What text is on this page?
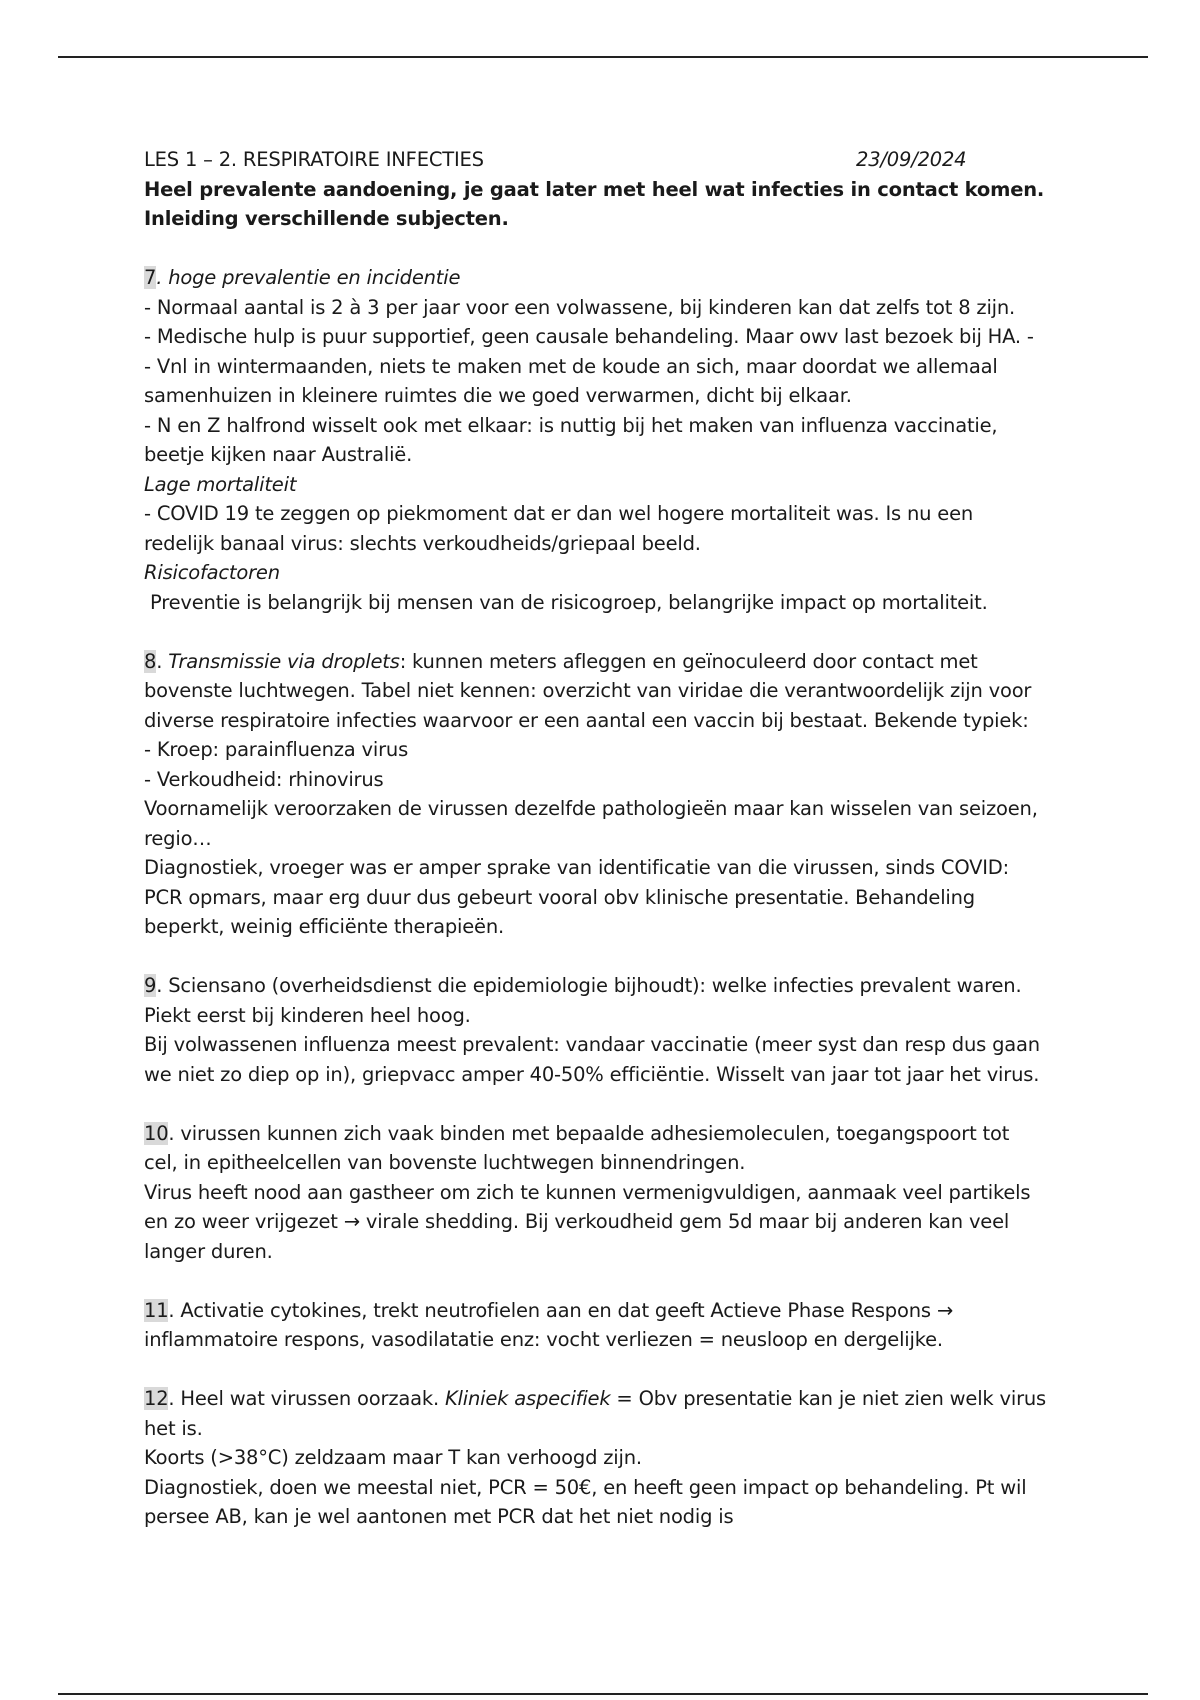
LES 1 – 2. RESPIRATOIRE INFECTIES	23/09/2024
Heel prevalente aandoening, je gaat later met heel wat infecties in contact komen.
Inleiding verschillende subjecten.
7. hoge prevalentie en incidentie
- Normaal aantal is 2 à 3 per jaar voor een volwassene, bij kinderen kan dat zelfs tot 8 zijn.
- Medische hulp is puur supportief, geen causale behandeling. Maar owv last bezoek bij HA. -
- Vnl in wintermaanden, niets te maken met de koude an sich, maar doordat we allemaal
samenhuizen in kleinere ruimtes die we goed verwarmen, dicht bij elkaar.
- N en Z halfrond wisselt ook met elkaar: is nuttig bij het maken van influenza vaccinatie,
beetje kijken naar Australië.
Lage mortaliteit
- COVID 19 te zeggen op piekmoment dat er dan wel hogere mortaliteit was. Is nu een
redelijk banaal virus: slechts verkoudheids/griepaal beeld.
Risicofactoren
Preventie is belangrijk bij mensen van de risicogroep, belangrijke impact op mortaliteit.
8. Transmissie via droplets: kunnen meters afleggen en geïnoculeerd door contact met
bovenste luchtwegen. Tabel niet kennen: overzicht van viridae die verantwoordelijk zijn voor
diverse respiratoire infecties waarvoor er een aantal een vaccin bij bestaat. Bekende typiek:
- Kroep: parainfluenza virus
- Verkoudheid: rhinovirus
Voornamelijk veroorzaken de virussen dezelfde pathologieën maar kan wisselen van seizoen,
regio…
Diagnostiek, vroeger was er amper sprake van identificatie van die virussen, sinds COVID:
PCR opmars, maar erg duur dus gebeurt vooral obv klinische presentatie. Behandeling
beperkt, weinig efficiënte therapieën.
9. Sciensano (overheidsdienst die epidemiologie bijhoudt): welke infecties prevalent waren.
Piekt eerst bij kinderen heel hoog.
Bij volwassenen influenza meest prevalent: vandaar vaccinatie (meer syst dan resp dus gaan
we niet zo diep op in), griepvacc amper 40-50% efficiëntie. Wisselt van jaar tot jaar het virus.
10. virussen kunnen zich vaak binden met bepaalde adhesiemoleculen, toegangspoort tot
cel, in epitheelcellen van bovenste luchtwegen binnendringen.
Virus heeft nood aan gastheer om zich te kunnen vermenigvuldigen, aanmaak veel partikels
en zo weer vrijgezet → virale shedding. Bij verkoudheid gem 5d maar bij anderen kan veel
langer duren.
11. Activatie cytokines, trekt neutrofielen aan en dat geeft Actieve Phase Respons →
inflammatoire respons, vasodilatatie enz: vocht verliezen = neusloop en dergelijke.
12. Heel wat virussen oorzaak. Kliniek aspecifiek = Obv presentatie kan je niet zien welk virus
het is.
Koorts (>38°C) zeldzaam maar T kan verhoogd zijn.
Diagnostiek, doen we meestal niet, PCR = 50€, en heeft geen impact op behandeling. Pt wil
persee AB, kan je wel aantonen met PCR dat het niet nodig is
